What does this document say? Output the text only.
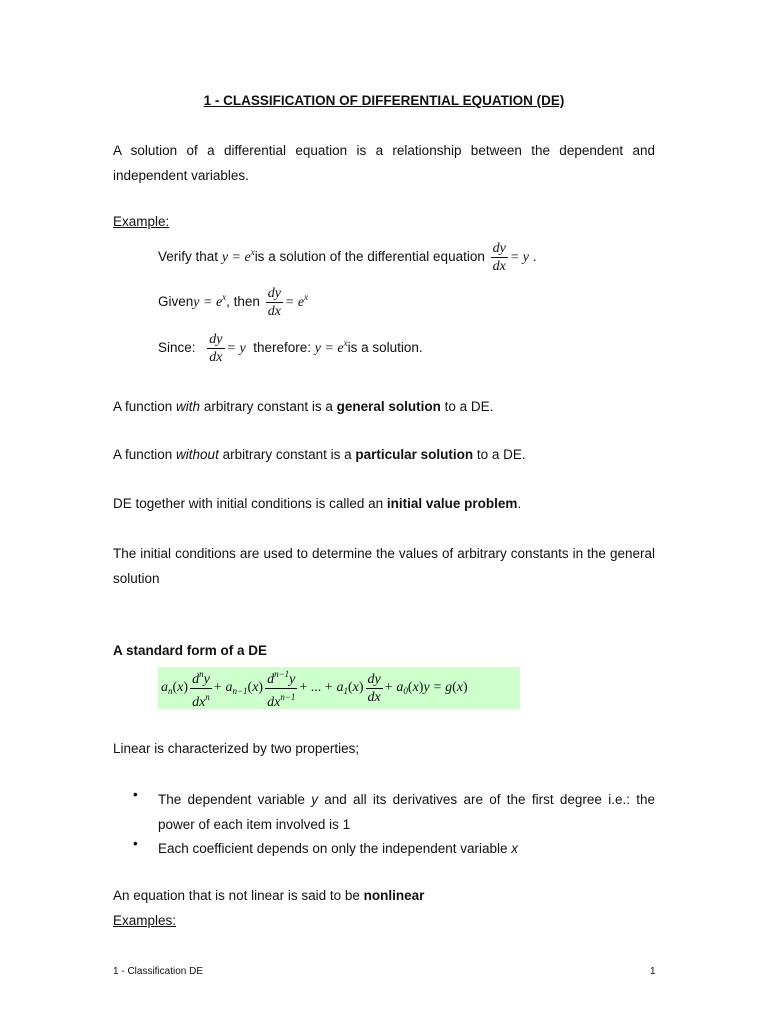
1 - CLASSIFICATION OF DIFFERENTIAL EQUATION (DE)
A solution of a differential equation is a relationship between the dependent and independent variables.
Example:
Verify that $y = e^xis$ a solution of the differential equation $\frac{dy}{dx} = y$ .
Giveny = $e^x$, then $\frac{dy}{dx} = e^x$
Since: $\frac{dy}{dx} = y$ therefore: $y = e^xis$ a solution.
A function with arbitrary constant is a general solution to a DE.
A function without arbitrary constant is a particular solution to a DE.
DE together with initial conditions is called an initial value problem.
The initial conditions are used to determine the values of arbitrary constants in the general solution
A standard form of a DE
$a_n$ ( x ) $\frac{d^ny}{dx^n}$ +
$a_{n-1}$ ( x ) $\frac{d^{n-1}y}{dx^{n-1}}$ + ... +
$a_1$ ( x ) $\frac{dy}{dx}$ +
$a_0$ ( x ) y
=
g ( x )
Linear is characterized by two properties;
• The dependent variable y and all its derivatives are of the first degree i.e.: the power of each item involved is 1
• Each coefficient depends on only the independent variable x
An equation that is not linear is said to be nonlinear
Examples:
1 - Classification DE	1
